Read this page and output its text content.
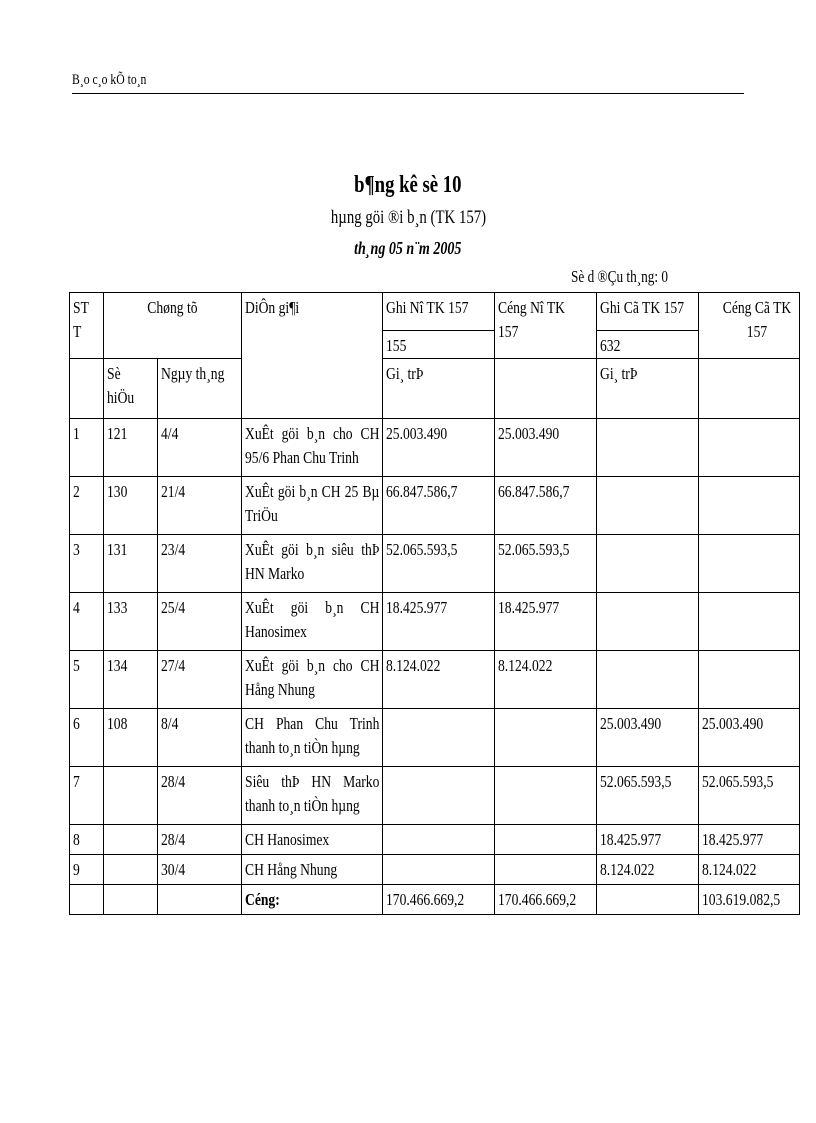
B¸o c¸o kÕ to¸n
b¶ng kê sè 10
hµng göi ®i b¸n (TK 157)
th¸ng 05 n¨m 2005
Sè d ®Çu th¸ng: 0
ST T	Chøng tõ		DiÔn gi¶i	Ghi Nî TK 157	Céng Nî TK 157	Ghi Cã TK 157	Céng Cã TK 157

				155		632	

	Sè hiÖu	Ngµy th¸ng		Gi¸ trÞ		Gi¸ trÞ	
1	121	4/4	XuÊt göi b¸n cho CH 95/6 Phan Chu Trinh	25.003.490	25.003.490		
2	130	21/4	XuÊt göi b¸n CH 25 Bµ TriÖu	66.847.586,7	66.847.586,7		
3	131	23/4	XuÊt göi b¸n siêu thÞ HN Marko	52.065.593,5	52.065.593,5		
4	133	25/4	XuÊt göi b¸n CH Hanosimex	18.425.977	18.425.977		
5	134	27/4	XuÊt göi b¸n cho CH Hång Nhung	8.124.022	8.124.022		
6	108	8/4	CH Phan Chu Trinh thanh to¸n tiÒn hµng			25.003.490	25.003.490
7		28/4	Siêu thÞ HN Marko thanh to¸n tiÒn hµng			52.065.593,5	52.065.593,5
8		28/4	CH Hanosimex			18.425.977	18.425.977
9		30/4	CH Hång Nhung			8.124.022	8.124.022
			Céng:	170.466.669,2	170.466.669,2		103.619.082,5
